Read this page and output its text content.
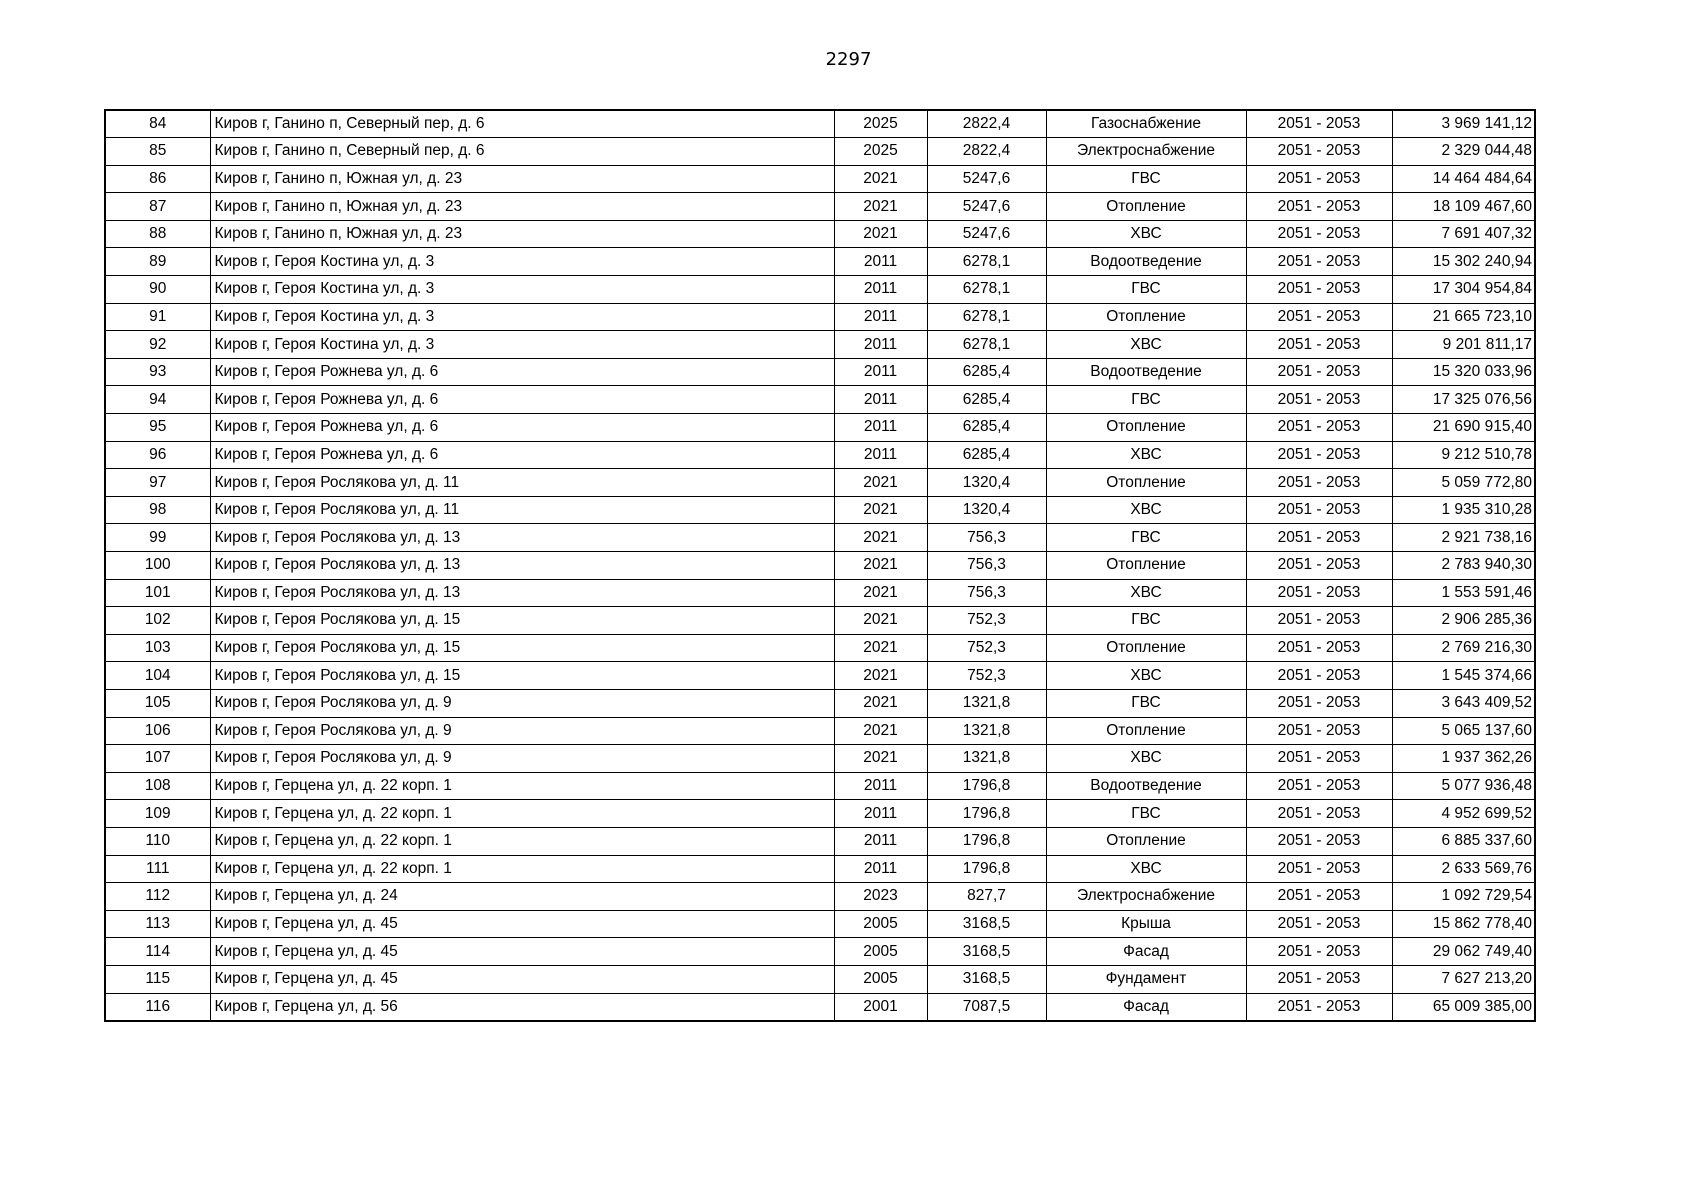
2297
84	Киров г, Ганино п, Северный пер, д. 6	2025	2822,4	Газоснабжение	2051 - 2053	3 969 141,12
85	Киров г, Ганино п, Северный пер, д. 6	2025	2822,4	Электроснабжение	2051 - 2053	2 329 044,48
86	Киров г, Ганино п, Южная ул, д. 23	2021	5247,6	ГВС	2051 - 2053	14 464 484,64
87	Киров г, Ганино п, Южная ул, д. 23	2021	5247,6	Отопление	2051 - 2053	18 109 467,60
88	Киров г, Ганино п, Южная ул, д. 23	2021	5247,6	ХВС	2051 - 2053	7 691 407,32
89	Киров г, Героя Костина ул, д. 3	2011	6278,1	Водоотведение	2051 - 2053	15 302 240,94
90	Киров г, Героя Костина ул, д. 3	2011	6278,1	ГВС	2051 - 2053	17 304 954,84
91	Киров г, Героя Костина ул, д. 3	2011	6278,1	Отопление	2051 - 2053	21 665 723,10
92	Киров г, Героя Костина ул, д. 3	2011	6278,1	ХВС	2051 - 2053	9 201 811,17
93	Киров г, Героя Рожнева ул, д. 6	2011	6285,4	Водоотведение	2051 - 2053	15 320 033,96
94	Киров г, Героя Рожнева ул, д. 6	2011	6285,4	ГВС	2051 - 2053	17 325 076,56
95	Киров г, Героя Рожнева ул, д. 6	2011	6285,4	Отопление	2051 - 2053	21 690 915,40
96	Киров г, Героя Рожнева ул, д. 6	2011	6285,4	ХВС	2051 - 2053	9 212 510,78
97	Киров г, Героя Рослякова ул, д. 11	2021	1320,4	Отопление	2051 - 2053	5 059 772,80
98	Киров г, Героя Рослякова ул, д. 11	2021	1320,4	ХВС	2051 - 2053	1 935 310,28
99	Киров г, Героя Рослякова ул, д. 13	2021	756,3	ГВС	2051 - 2053	2 921 738,16
100	Киров г, Героя Рослякова ул, д. 13	2021	756,3	Отопление	2051 - 2053	2 783 940,30
101	Киров г, Героя Рослякова ул, д. 13	2021	756,3	ХВС	2051 - 2053	1 553 591,46
102	Киров г, Героя Рослякова ул, д. 15	2021	752,3	ГВС	2051 - 2053	2 906 285,36
103	Киров г, Героя Рослякова ул, д. 15	2021	752,3	Отопление	2051 - 2053	2 769 216,30
104	Киров г, Героя Рослякова ул, д. 15	2021	752,3	ХВС	2051 - 2053	1 545 374,66
105	Киров г, Героя Рослякова ул, д. 9	2021	1321,8	ГВС	2051 - 2053	3 643 409,52
106	Киров г, Героя Рослякова ул, д. 9	2021	1321,8	Отопление	2051 - 2053	5 065 137,60
107	Киров г, Героя Рослякова ул, д. 9	2021	1321,8	ХВС	2051 - 2053	1 937 362,26
108	Киров г, Герцена ул, д. 22 корп. 1	2011	1796,8	Водоотведение	2051 - 2053	5 077 936,48
109	Киров г, Герцена ул, д. 22 корп. 1	2011	1796,8	ГВС	2051 - 2053	4 952 699,52
110	Киров г, Герцена ул, д. 22 корп. 1	2011	1796,8	Отопление	2051 - 2053	6 885 337,60
111	Киров г, Герцена ул, д. 22 корп. 1	2011	1796,8	ХВС	2051 - 2053	2 633 569,76
112	Киров г, Герцена ул, д. 24	2023	827,7	Электроснабжение	2051 - 2053	1 092 729,54
113	Киров г, Герцена ул, д. 45	2005	3168,5	Крыша	2051 - 2053	15 862 778,40
114	Киров г, Герцена ул, д. 45	2005	3168,5	Фасад	2051 - 2053	29 062 749,40
115	Киров г, Герцена ул, д. 45	2005	3168,5	Фундамент	2051 - 2053	7 627 213,20
116	Киров г, Герцена ул, д. 56	2001	7087,5	Фасад	2051 - 2053	65 009 385,00
